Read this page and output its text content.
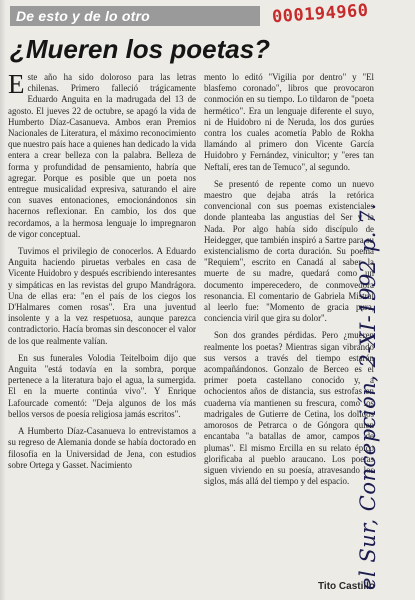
De esto y de lo otro	000194960
¿Mueren los poetas?

Este año ha sido doloroso para las letras chilenas. Primero falleció trágicamente Eduardo Anguita en la madrugada del 13 de agosto. El jueves 22 de octubre, se apagó la vida de Humberto Díaz-Casanueva. Ambos eran Premios Nacionales de Literatura, el máximo reconocimiento que nuestro país hace a quienes han dedicado la vida entera a crear belleza con la palabra. Belleza de forma y profundidad de pensamiento, habría que agregar. Porque es posible que un poeta nos entregue musicalidad expresiva, saturando el aire con suaves entonaciones, emocionándonos sin hacernos reflexionar. En cambio, los dos que recordamos, a la hermosa lenguaje lo impregnaron de vigor conceptual.

Tuvimos el privilegio de conocerlos. A Eduardo Anguita haciendo piruetas verbales en casa de Vicente Huidobro y después escribiendo interesantes y simpáticas en las revistas del grupo Mandrágora. Una de ellas era: "en el país de los ciegos los D'Halmares comen rosas". Era una juventud insolente y a la vez respetuosa, aunque parezca contradictorio. Hacía bromas sin desconocer el valor de los que realmente valían.

En sus funerales Volodia Teitelboim dijo que Anguita "está todavía en la sombra, porque pertenece a la literatura bajo el agua, la sumergida. El en la muerte continúa vivo". Y Enrique Lafourcade comentó: "Deja algunos de los más bellos versos de poesía religiosa jamás escritos".

A Humberto Díaz-Casanueva lo entrevistamos a su regreso de Alemania donde se había doctorado en filosofía en la Universidad de Jena, con estudios sobre Ortega y Gasset. Nacimiento

mento lo editó "Vigilia por dentro" y "El blasfemo coronado", libros que provocaron conmoción en su tiempo. Lo tildaron de "poeta hermético". Era un lenguaje diferente el suyo, ni de Huidobro ni de Neruda, los dos gurúes contra los cuales acometía Pablo de Rokha llamándo al primero don Vicente García Huidobro y Fernández, vinicultor; y "eres tan Neftalí, eres tan de Temuco", al segundo.

Se presentó de repente como un nuevo maestro que dejaba atrás la retórica convencional con sus poemas existenciales donde planteaba las angustias del Ser y la Nada. Por algo había sido discípulo de Heidegger, que también inspiró a Sartre para su existencialismo de corta duración. Su poema "Requiem", escrito en Canadá al saber la muerte de su madre, quedará como un documento imperecedero, de conmovedora resonancia. El comentario de Gabriela Mistral al leerlo fue: "Momento de gracia pura, conciencia viril que gira su dolor".

Son dos grandes pérdidas. Pero ¿mueren realmente los poetas? Mientras sigan vibrando sus versos a través del tiempo estarán acompañándonos. Gonzalo de Berceo es el primer poeta castellano conocido y, a ochocientos años de distancia, sus estrofas en cuaderna vía mantienen su frescura, como los madrigales de Gutierre de Cetina, los dolidos amorosos de Petrarca o de Góngora quien encantaba "a batallas de amor, campos de plumas". El mismo Ercilla en su relato épico glorificaba al pueblo araucano. Los poetas siguen viviendo en su poesía, atravesando los siglos, más allá del tiempo y del espacio.

Tito Castillo
el Sur, Concepción, 2-XI-1992 p. 7.
